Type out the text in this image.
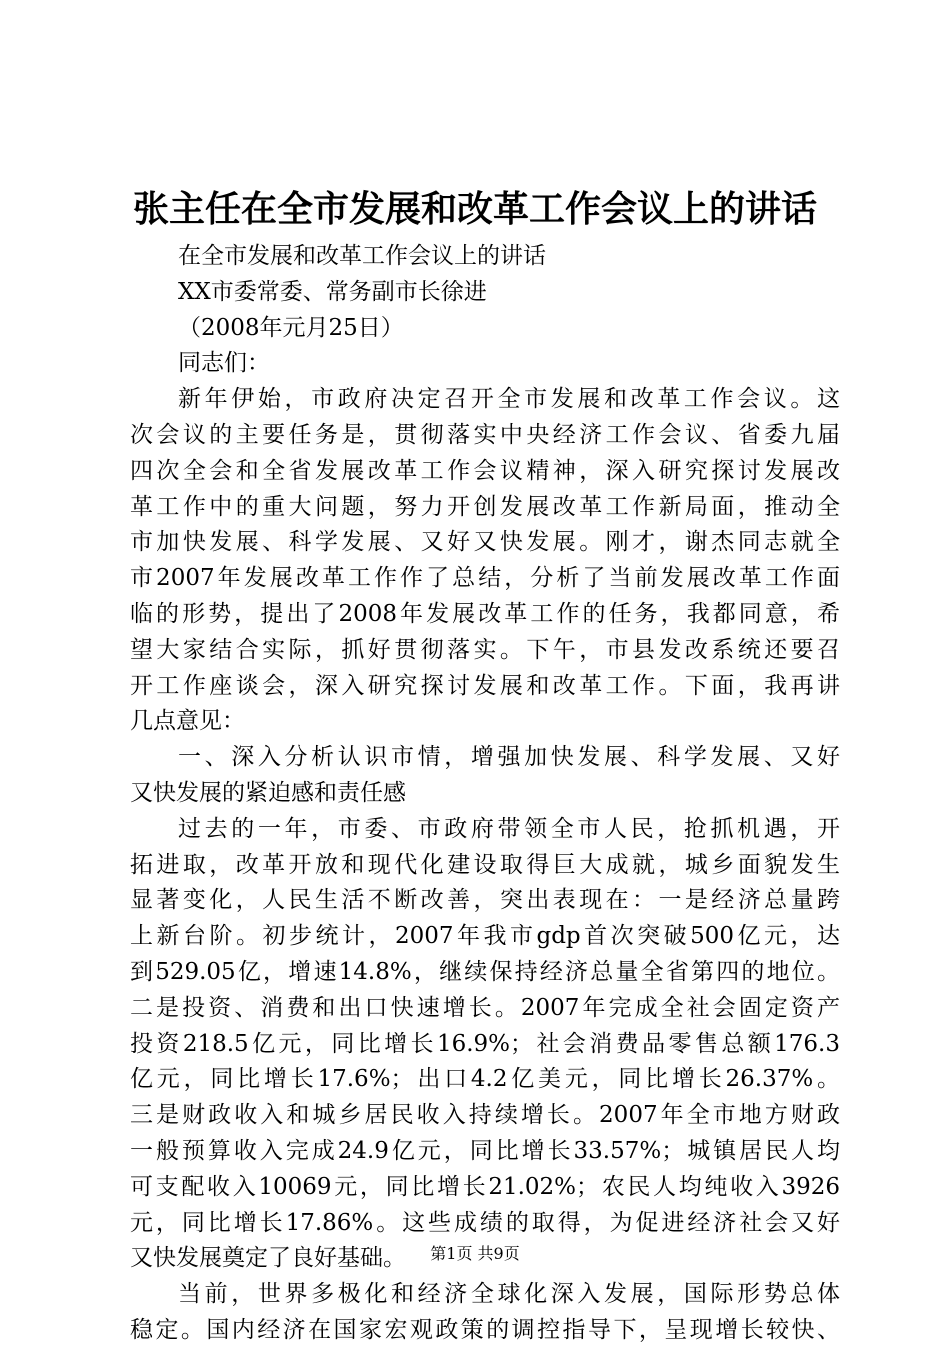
张主任在全市发展和改革工作会议上的讲话

在全市发展和改革工作会议上的讲话

XX市委常委、常务副市长徐进

（2008年元月25日）

同志们：

新年伊始，市政府决定召开全市发展和改革工作会议。这

次会议的主要任务是，贯彻落实中央经济工作会议、省委九届

四次全会和全省发展改革工作会议精神，深入研究探讨发展改

革工作中的重大问题，努力开创发展改革工作新局面，推动全

市加快发展、科学发展、又好又快发展。刚才，谢杰同志就全

市2007年发展改革工作作了总结，分析了当前发展改革工作面

临的形势，提出了2008年发展改革工作的任务，我都同意，希

望大家结合实际，抓好贯彻落实。下午，市县发改系统还要召

开工作座谈会，深入研究探讨发展和改革工作。下面，我再讲

几点意见：

一、深入分析认识市情，增强加快发展、科学发展、又好

又快发展的紧迫感和责任感

过去的一年，市委、市政府带领全市人民，抢抓机遇，开

拓进取，改革开放和现代化建设取得巨大成就，城乡面貌发生

显著变化，人民生活不断改善，突出表现在：一是经济总量跨

上新台阶。初步统计，2007年我市gdp首次突破500亿元，达

到529.05亿，增速14.8%，继续保持经济总量全省第四的地位。

二是投资、消费和出口快速增长。2007年完成全社会固定资产

投资218.5亿元，同比增长16.9%；社会消费品零售总额176.3

亿元，同比增长17.6%；出口4.2亿美元，同比增长26.37%。

三是财政收入和城乡居民收入持续增长。2007年全市地方财政

一般预算收入完成24.9亿元，同比增长33.57%；城镇居民人均

可支配收入10069元，同比增长21.02%；农民人均纯收入3926

元，同比增长17.86%。这些成绩的取得，为促进经济社会又好

又快发展奠定了良好基础。

当前，世界多极化和经济全球化深入发展，国际形势总体

稳定。国内经济在国家宏观政策的调控指导下，呈现增长较快、

第1页 共9页
